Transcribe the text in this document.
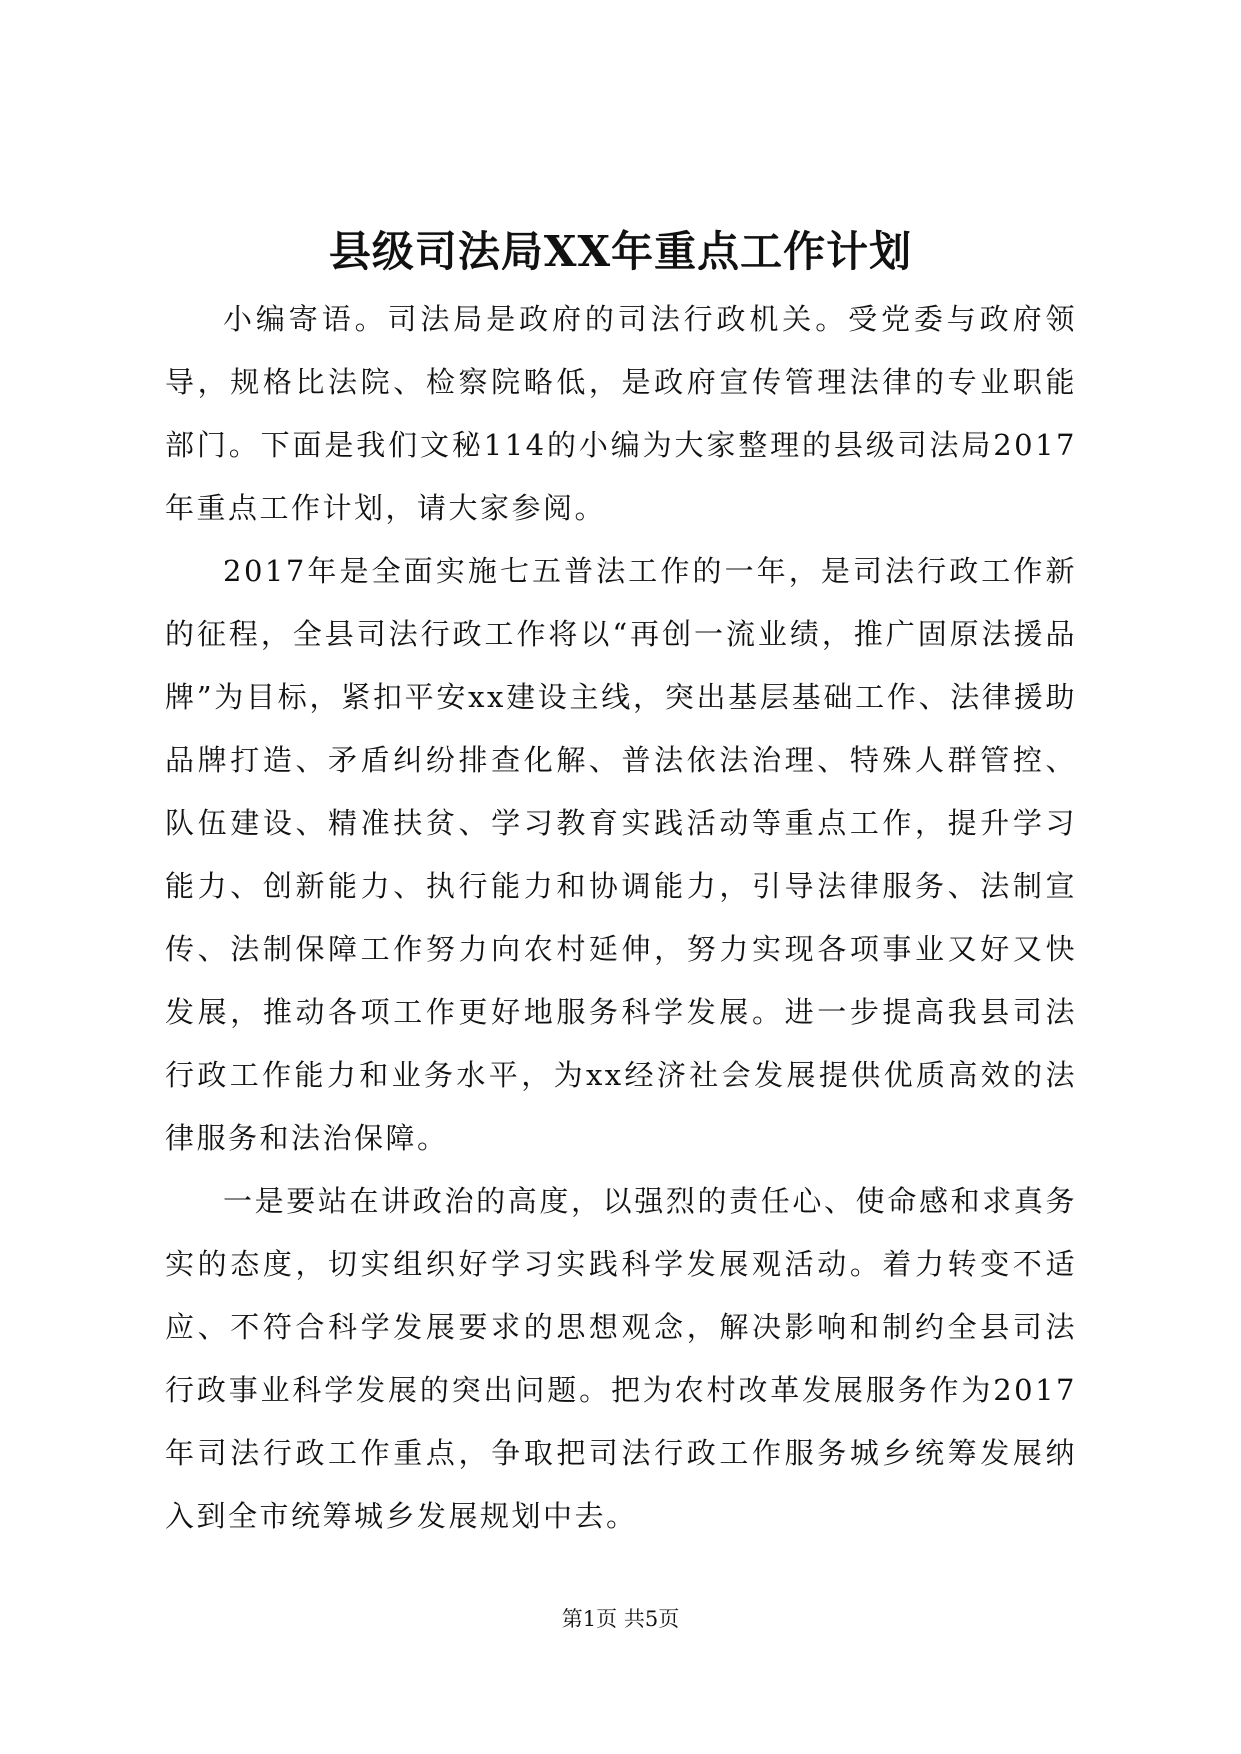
县级司法局XX年重点工作计划

小编寄语。司法局是政府的司法行政机关。受党委与政府领导，规格比法院、检察院略低，是政府宣传管理法律的专业职能部门。下面是我们文秘114的小编为大家整理的县级司法局2017年重点工作计划，请大家参阅。

2017年是全面实施七五普法工作的一年，是司法行政工作新的征程，全县司法行政工作将以“再创一流业绩，推广固原法援品牌”为目标，紧扣平安xx建设主线，突出基层基础工作、法律援助品牌打造、矛盾纠纷排查化解、普法依法治理、特殊人群管控、队伍建设、精准扶贫、学习教育实践活动等重点工作，提升学习能力、创新能力、执行能力和协调能力，引导法律服务、法制宣传、法制保障工作努力向农村延伸，努力实现各项事业又好又快发展，推动各项工作更好地服务科学发展。进一步提高我县司法行政工作能力和业务水平，为xx经济社会发展提供优质高效的法律服务和法治保障。

一是要站在讲政治的高度，以强烈的责任心、使命感和求真务实的态度，切实组织好学习实践科学发展观活动。着力转变不适应、不符合科学发展要求的思想观念，解决影响和制约全县司法行政事业科学发展的突出问题。把为农村改革发展服务作为2017年司法行政工作重点，争取把司法行政工作服务城乡统筹发展纳入到全市统筹城乡发展规划中去。

第1页 共5页
